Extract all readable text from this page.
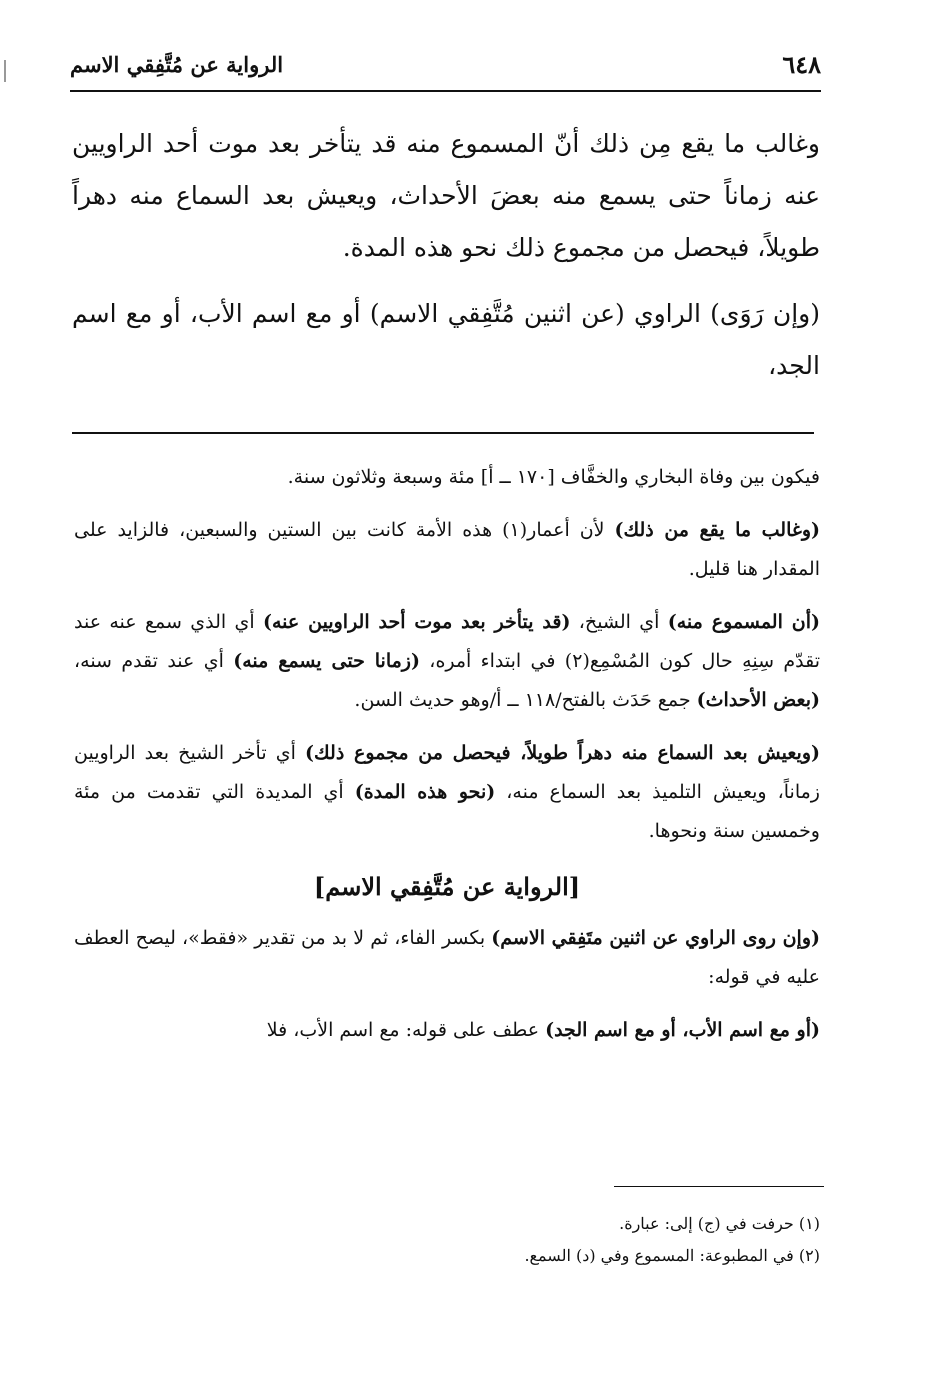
٦٤٨
الرواية عن مُتَّفِقي الاسم

وغالب ما يقع مِن ذلك أنّ المسموع منه قد يتأخر بعد موت أحد الراويين عنه زماناً حتى يسمع منه بعضَ الأحداث، ويعيش بعد السماع منه دهراً طويلاً، فيحصل من مجموع ذلك نحو هذه المدة.

(وإن رَوَى) الراوي (عن اثنين مُتَّفِقي الاسم) أو مع اسم الأب، أو مع اسم الجد،

فيكون بين وفاة البخاري والخفَّاف [١٧٠ ــ أ] مئة وسبعة وثلاثون سنة.

(وغالب ما يقع من ذلك) لأن أعمار(١) هذه الأمة كانت بين الستين والسبعين، فالزايد على المقدار هنا قليل.

(أن المسموع منه) أي الشيخ، (قد يتأخر بعد موت أحد الراويين عنه) أي الذي سمع عنه عند تقدّم سِنِهِ حال كون المُسْمِع(٢) في ابتداء أمره، (زمانا حتى يسمع منه) أي عند تقدم سنه، (بعض الأحداث) جمع حَدَث بالفتح/١١٨ ــ أ/وهو حديث السن.

(ويعيش بعد السماع منه دهراً طويلاً، فيحصل من مجموع ذلك) أي تأخر الشيخ بعد الراويين زماناً، ويعيش التلميذ بعد السماع منه، (نحو هذه المدة) أي المديدة التي تقدمت من مئة وخمسين سنة ونحوها.

[الرواية عن مُتَّفِقي الاسم]

(وإن روى الراوي عن اثنين متَفِقي الاسم) بكسر الفاء، ثم لا بد من تقدير «فقط»، ليصح العطف عليه في قوله:

(أو مع اسم الأب، أو مع اسم الجد) عطف على قوله: مع اسم الأب، فلا

(١) حرفت في (ج) إلى: عبارة.

(٢) في المطبوعة: المسموع وفي (د) السمع.
